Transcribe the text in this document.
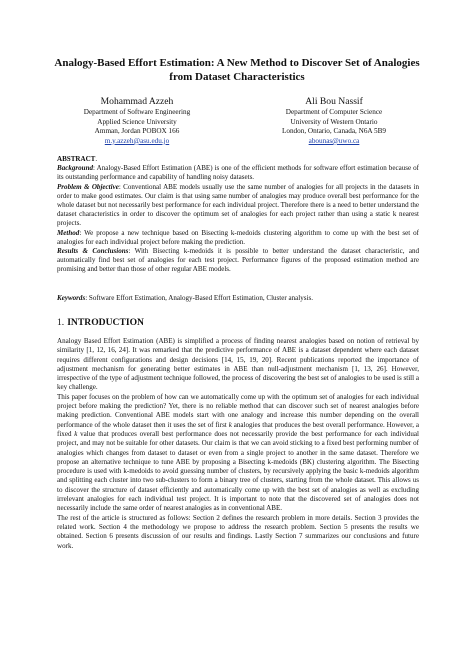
Analogy-Based Effort Estimation: A New Method to Discover Set of Analogies
from Dataset Characteristics
Mohammad Azzeh
Department of Software Engineering
Applied Science University
Amman, Jordan POBOX 166
m.y.azzeh@asu.edu.jo
Ali Bou Nassif
Department of Computer Science
University of Western Ontario
London, Ontario, Canada, N6A 5B9
abounas@uwo.ca

ABSTRACT.

Background: Analogy-Based Effort Estimation (ABE) is one of the efficient methods for software effort estimation because of its outstanding performance and capability of handling noisy datasets.

Problem & Objective: Conventional ABE models usually use the same number of analogies for all projects in the datasets in order to make good estimates. Our claim is that using same number of analogies may produce overall best performance for the whole dataset but not necessarily best performance for each individual project. Therefore there is a need to better understand the dataset characteristics in order to discover the optimum set of analogies for each project rather than using a static k nearest projects.

Method: We propose a new technique based on Bisecting k-medoids clustering algorithm to come up with the best set of analogies for each individual project before making the prediction.

Results & Conclusions: With Bisecting k-medoids it is possible to better understand the dataset characteristic, and automatically find best set of analogies for each test project. Performance figures of the proposed estimation method are promising and better than those of other regular ABE models.

Keywords: Software Effort Estimation, Analogy-Based Effort Estimation, Cluster analysis.
1. INTRODUCTION

Analogy Based Effort Estimation (ABE) is simplified a process of finding nearest analogies based on notion of retrieval by similarity [1, 12, 16, 24]. It was remarked that the predictive performance of ABE is a dataset dependent where each dataset requires different configurations and design decisions [14, 15, 19, 20]. Recent publications reported the importance of adjustment mechanism for generating better estimates in ABE than null-adjustment mechanism [1, 13, 26]. However, irrespective of the type of adjustment technique followed, the process of discovering the best set of analogies to be used is still a key challenge.

This paper focuses on the problem of how can we automatically come up with the optimum set of analogies for each individual project before making the prediction? Yet, there is no reliable method that can discover such set of nearest analogies before making prediction. Conventional ABE models start with one analogy and increase this number depending on the overall performance of the whole dataset then it uses the set of first k analogies that produces the best overall performance. However, a fixed k value that produces overall best performance does not necessarily provide the best performance for each individual project, and may not be suitable for other datasets. Our claim is that we can avoid sticking to a fixed best performing number of analogies which changes from dataset to dataset or even from a single project to another in the same dataset. Therefore we propose an alternative technique to tune ABE by proposing a Bisecting k-medoids (BK) clustering algorithm. The Bisecting procedure is used with k-medoids to avoid guessing number of clusters, by recursively applying the basic k-medoids algorithm and splitting each cluster into two sub-clusters to form a binary tree of clusters, starting from the whole dataset. This allows us to discover the structure of dataset efficiently and automatically come up with the best set of analogies as well as excluding irrelevant analogies for each individual test project. It is important to note that the discovered set of analogies does not necessarily include the same order of nearest analogies as in conventional ABE.

The rest of the article is structured as follows: Section 2 defines the research problem in more details. Section 3 provides the related work. Section 4 the methodology we propose to address the research problem. Section 5 presents the results we obtained. Section 6 presents discussion of our results and findings. Lastly Section 7 summarizes our conclusions and future work.
